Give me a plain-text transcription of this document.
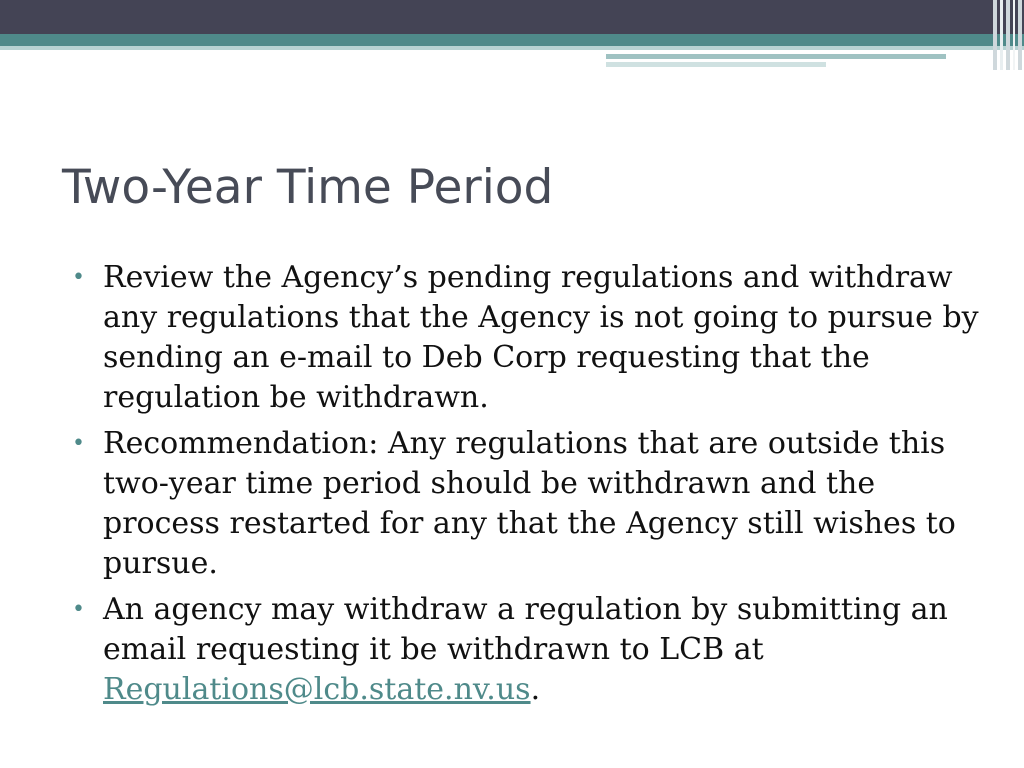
Two-Year Time Period
• Review the Agency’s pending regulations and withdraw any regulations that the Agency is not going to pursue by sending an e-mail to Deb Corp requesting that the regulation be withdrawn.
• Recommendation: Any regulations that are outside this two-year time period should be withdrawn and the process restarted for any that the Agency still wishes to pursue.
• An agency may withdraw a regulation by submitting an email requesting it be withdrawn to LCB at Regulations@lcb.state.nv.us.
